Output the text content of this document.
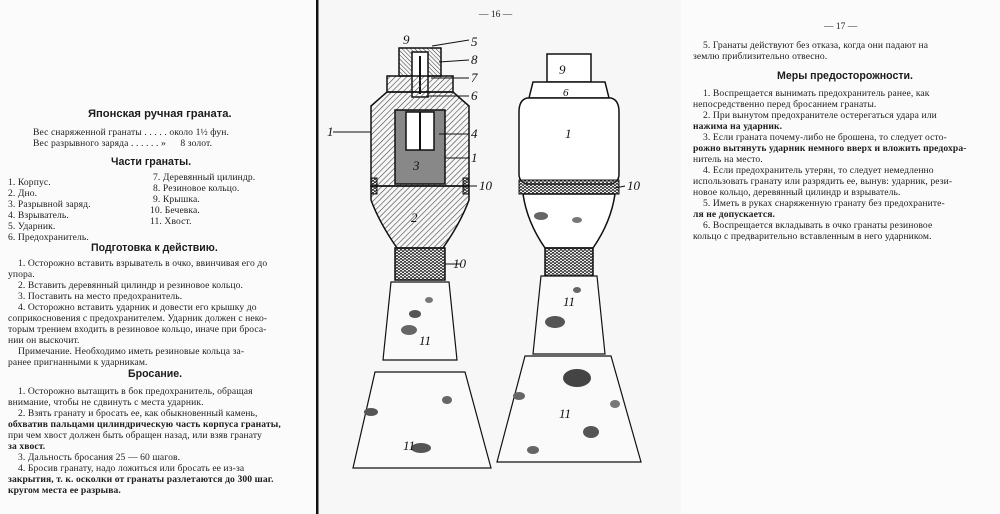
Японская ручная граната.
Вес снаряженной гранаты . . . . . около 1½ фун.
Вес разрывного заряда . . . . . . » 8 золот.
Части гранаты.
1. Корпус.
2. Дно.
3. Разрывной заряд.
4. Взрыватель.
5. Ударник.
6. Предохранитель.
7. Деревянный цилиндр.
8. Резиновое кольцо.
9. Крышка.
10. Бечевка.
11. Хвост.
Подготовка к действию.
1. Осторожно вставить взрыватель в очко, ввинчивая его до
упора.
2. Вставить деревянный цилиндр и резиновое кольцо.
3. Поставить на место предохранитель.
4. Осторожно вставить ударник и довести его крышку до
соприкосновения с предохранителем. Ударник должен с неко-
торым трением входить в резиновое кольцо, иначе при броса-
нии он выскочит.
Примечание. Необходимо иметь резиновые кольца за-
ранее пригнанными к ударникам.
Бросание.
1. Осторожно вытащить в бок предохранитель, обращая
внимание, чтобы не сдвинуть с места ударник.
2. Взять гранату и бросать ее, как обыкновенный камень,
обхватив пальцами цилиндрическую часть корпуса гранаты,
при чем хвост должен быть обращен назад, или взяв гранату
за хвост.
3. Дальность бросания 25 — 60 шагов.
4. Бросив гранату, надо ложиться или бросать ее из-за
закрытия, т. к. осколки от гранаты разлетаются до 300 шаг.
кругом места ее разрыва.
— 16 —
9	5
8
7
6
1	4
3
1
10
2
10
11
11
9
6
1
10
11
11
— 17 —
5. Гранаты действуют без отказа, когда они падают на
землю приблизительно отвесно.
Меры предосторожности.
1. Воспрещается вынимать предохранитель ранее, как
непосредственно перед бросанием гранаты.
2. При вынутом предохранителе остерегаться удара или
нажима на ударник.
3. Если граната почему-либо не брошена, то следует осто-
рожно вытянуть ударник немного вверх и вложить предохра-
нитель на место.
4. Если предохранитель утерян, то следует немедленно
использовать гранату или разрядить ее, вынув: ударник, рези-
новое кольцо, деревянный цилиндр и взрыватель.
5. Иметь в руках снаряженную гранату без предохраните-
ля не допускается.
6. Воспрещается вкладывать в очко гранаты резиновое
кольцо с предварительно вставленным в него ударником.
